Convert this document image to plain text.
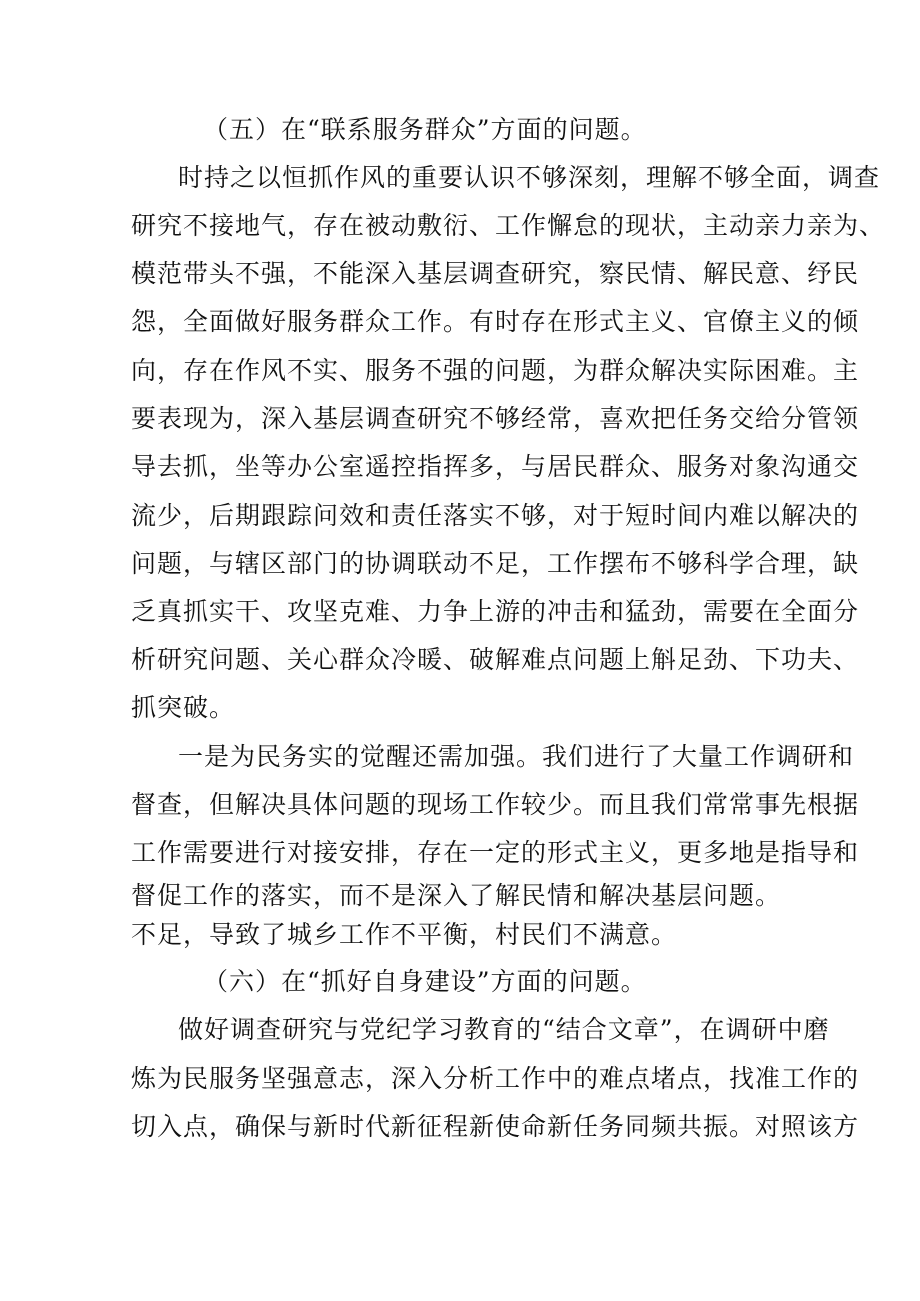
（五）在“联系服务群众”方面的问题。
时持之以恒抓作风的重要认识不够深刻，理解不够全面，调查
研究不接地气，存在被动敷衍、工作懈怠的现状，主动亲力亲为、
模范带头不强，不能深入基层调查研究，察民情、解民意、纾民
怨，全面做好服务群众工作。有时存在形式主义、官僚主义的倾
向，存在作风不实、服务不强的问题，为群众解决实际困难。主
要表现为，深入基层调查研究不够经常，喜欢把任务交给分管领
导去抓，坐等办公室遥控指挥多，与居民群众、服务对象沟通交
流少，后期跟踪问效和责任落实不够，对于短时间内难以解决的
问题，与辖区部门的协调联动不足，工作摆布不够科学合理，缺
乏真抓实干、攻坚克难、力争上游的冲击和猛劲，需要在全面分
析研究问题、关心群众冷暖、破解难点问题上斛足劲、下功夫、
抓突破。
一是为民务实的觉醒还需加强。我们进行了大量工作调研和
督查，但解决具体问题的现场工作较少。而且我们常常事先根据
工作需要进行对接安排，存在一定的形式主义，更多地是指导和
督促工作的落实，而不是深入了解民情和解决基层问题。
不足，导致了城乡工作不平衡，村民们不满意。
（六）在“抓好自身建设”方面的问题。
做好调查研究与党纪学习教育的“结合文章”，在调研中磨
炼为民服务坚强意志，深入分析工作中的难点堵点，找准工作的
切入点，确保与新时代新征程新使命新任务同频共振。对照该方
